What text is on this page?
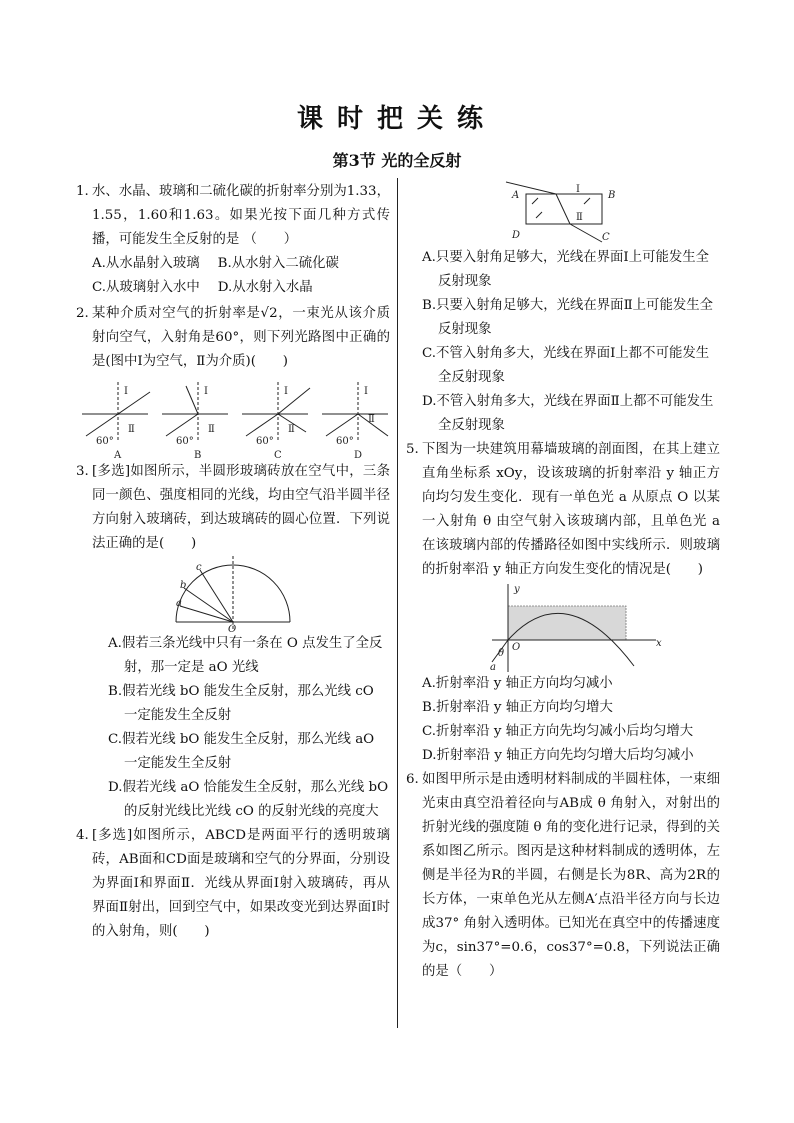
课时把关练
第3节 光的全反射
1. 水、水晶、玻璃和二硫化碳的折射率分别为1.33，1.55，1.60和1.63。如果光按下面几种方式传播，可能发生全反射的是 （　　）
A.从水晶射入玻璃 B.从水射入二硫化碳
C.从玻璃射入水中 D.从水射入水晶
2. 某种介质对空气的折射率是√2，一束光从该介质射向空气，入射角是60°，则下列光路图中正确的是(图中Ⅰ为空气，Ⅱ为介质)(　　)
60°
Ⅰ
Ⅱ
60°
Ⅰ
Ⅱ
60°
Ⅰ
Ⅱ
60°
Ⅰ
Ⅱ
A	B	C	D
3. [多选]如图所示，半圆形玻璃砖放在空气中，三条同一颜色、强度相同的光线，均由空气沿半圆半径方向射入玻璃砖，到达玻璃砖的圆心位置．下列说法正确的是(　　)
a
b
c
O
A.假若三条光线中只有一条在 O 点发生了全反射，那一定是 aO 光线
B.假若光线 bO 能发生全反射，那么光线 cO 一定能发生全反射
C.假若光线 bO 能发生全反射，那么光线 aO 一定能发生全反射
D.假若光线 aO 恰能发生全反射，那么光线 bO 的反射光线比光线 cO 的反射光线的亮度大
4. [多选]如图所示，ABCD是两面平行的透明玻璃砖，AB面和CD面是玻璃和空气的分界面，分别设为界面Ⅰ和界面Ⅱ．光线从界面Ⅰ射入玻璃砖，再从界面Ⅱ射出，回到空气中，如果改变光到达界面Ⅰ时的入射角，则(　　)
A	B
C
D
Ⅰ
Ⅱ
A.只要入射角足够大，光线在界面Ⅰ上可能发生全反射现象
B.只要入射角足够大，光线在界面Ⅱ上可能发生全反射现象
C.不管入射角多大，光线在界面Ⅰ上都不可能发生全反射现象
D.不管入射角多大，光线在界面Ⅱ上都不可能发生全反射现象
5. 下图为一块建筑用幕墙玻璃的剖面图，在其上建立直角坐标系 xOy，设该玻璃的折射率沿 y 轴正方向均匀发生变化．现有一单色光 a 从原点 O 以某一入射角 θ 由空气射入该玻璃内部，且单色光 a 在该玻璃内部的传播路径如图中实线所示．则玻璃的折射率沿 y 轴正方向发生变化的情况是(　　)
y
x
O
a
θ
A.折射率沿 y 轴正方向均匀减小
B.折射率沿 y 轴正方向均匀增大
C.折射率沿 y 轴正方向先均匀减小后均匀增大
D.折射率沿 y 轴正方向先均匀增大后均匀减小
6. 如图甲所示是由透明材料制成的半圆柱体，一束细光束由真空沿着径向与AB成 θ 角射入，对射出的折射光线的强度随 θ 角的变化进行记录，得到的关系如图乙所示。图丙是这种材料制成的透明体，左侧是半径为R的半圆，右侧是长为8R、高为2R的长方体，一束单色光从左侧A′点沿半径方向与长边成37° 角射入透明体。已知光在真空中的传播速度为c，sin37°=0.6，cos37°=0.8，下列说法正确的是（　　）
